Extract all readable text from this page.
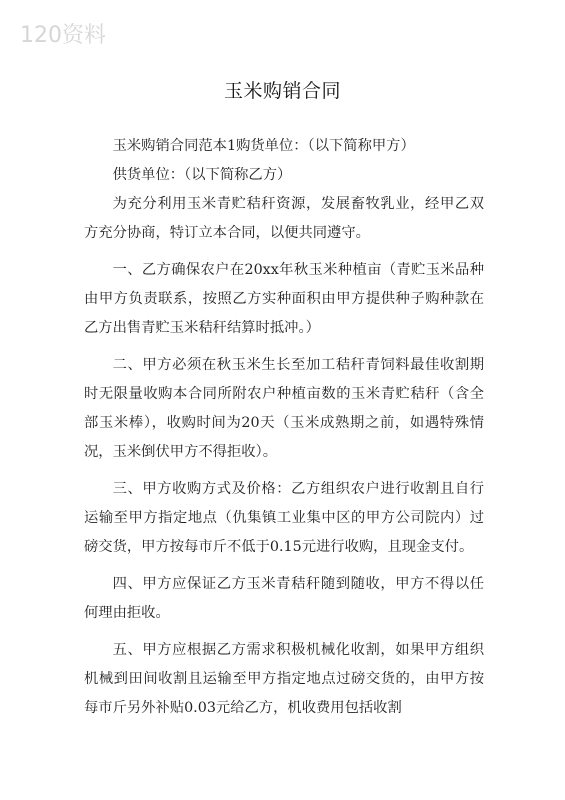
120资料
玉米购销合同

玉米购销合同范本1购货单位：（以下简称甲方）

供货单位：（以下简称乙方）

为充分利用玉米青贮秸秆资源，发展畜牧乳业，经甲乙双方充分协商，特订立本合同，以便共同遵守。

一、乙方确保农户在20xx年秋玉米种植亩（青贮玉米品种由甲方负责联系，按照乙方实种面积由甲方提供种子购种款在乙方出售青贮玉米秸秆结算时抵冲。）

二、甲方必须在秋玉米生长至加工秸秆青饲料最佳收割期时无限量收购本合同所附农户种植亩数的玉米青贮秸秆（含全部玉米棒），收购时间为20天（玉米成熟期之前，如遇特殊情况，玉米倒伏甲方不得拒收）。

三、甲方收购方式及价格：乙方组织农户进行收割且自行运输至甲方指定地点（仇集镇工业集中区的甲方公司院内）过磅交货，甲方按每市斤不低于0.15元进行收购，且现金支付。

四、甲方应保证乙方玉米青秸秆随到随收，甲方不得以任何理由拒收。

五、甲方应根据乙方需求积极机械化收割，如果甲方组织机械到田间收割且运输至甲方指定地点过磅交货的，由甲方按每市斤另外补贴0.03元给乙方，机收费用包括收割
